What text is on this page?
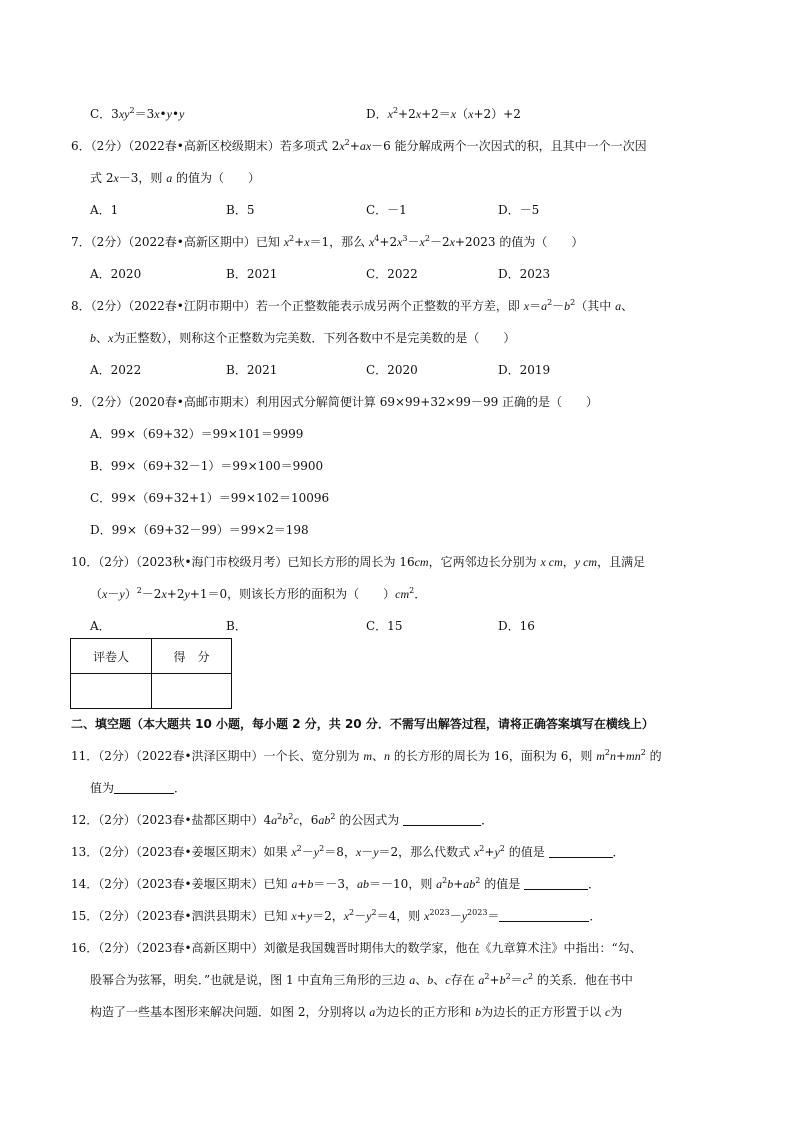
C．$3xy^2=3x•y•y$	D．$x^2+2x+2=x(x+2)+2$
6．（2分）（2022春•高新区校级期末）若多项式 $2x^2+ax-6$ 能分解成两个一次因式的积，且其中一个一次因
式 2x－3，则 a 的值为（　　）
A．1	B．5	C．－1	D．－5
7．（2分）（2022春•高新区期中）已知 $x^2+x=1$，那么 $x^4+2x^3-x^2-2x+2023$ 的值为（　　）
A．2020	B．2021	C．2022	D．2023
8．（2分）（2022春•江阴市期中）若一个正整数能表示成另两个正整数的平方差，即 $x=a^2-b^2$（其中 a、
b、x为正整数），则称这个正整数为完美数．下列各数中不是完美数的是（　　）
A．2022	B．2021	C．2020	D．2019
9．（2分）（2020春•高邮市期末）利用因式分解简便计算 69×99+32×99－99 正确的是（　　）
A．99×（69+32）＝99×101＝9999
B．99×（69+32－1）＝99×100＝9900
C．99×（69+32+1）＝99×102＝10096
D．99×（69+32－99）＝99×2＝198
10．（2分）（2023秋•海门市校级月考）已知长方形的周长为 16cm，它两邻边长分别为 x cm，y cm，且满足
$(x-y)^2-2x+2y+1=0$，则该长方形的面积为（　　）$cm^2$．
A．	B．	C．15	D．16
评卷人	得　分

二、填空题（本大题共 10 小题，每小题 2 分，共 20 分．不需写出解答过程，请将正确答案填写在横线上）
11．（2分）（2022春•洪泽区期中）一个长、宽分别为 m、n 的长方形的周长为 16，面积为 6，则 $m^2n+mn^2$ 的
值为	．
12．（2分）（2023春•盐都区期中）$4a^2b^2c$，$6ab^2$ 的公因式为	．
13．（2分）（2023春•姜堰区期末）如果 $x^2-y^2=8$，x－y＝2，那么代数式 $x^2+y^2$ 的值是	．
14．（2分）（2023春•姜堰区期末）已知 a+b＝－3，ab＝－10，则 $a^2b+ab^2$ 的值是	．
15．（2分）（2023春•泗洪县期末）已知 x+y＝2，$x^2-y^2=4$，则 $x^{2023}-y^{2023}=$	．
16．（2分）（2023春•高新区期中）刘徽是我国魏晋时期伟大的数学家，他在《九章算术注》中指出：“勾、
股幂合为弦幂，明矣．”也就是说，图 1 中直角三角形的三边 a、b、c存在 $a^2+b^2=c^2$ 的关系．他在书中
构造了一些基本图形来解决问题．如图 2，分别将以 a为边长的正方形和 b为边长的正方形置于以 c为
